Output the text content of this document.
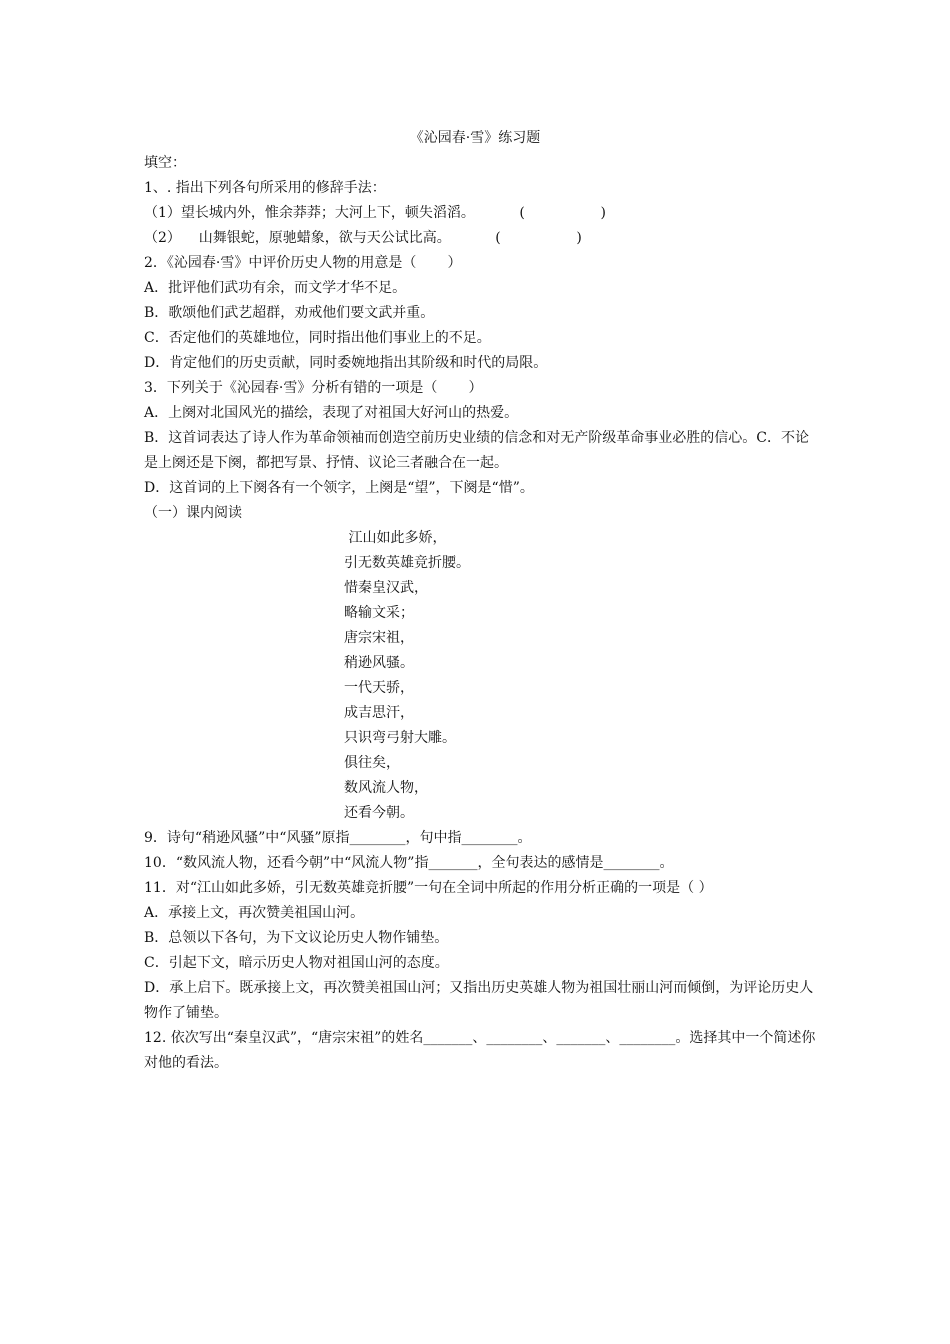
《沁园春·雪》练习题
填空：
1、. 指出下列各句所采用的修辞手法：
（1）望长城内外，惟余莽莽；大河上下，顿失滔滔。          (                 )
（2）    山舞银蛇，原驰蜡象，欲与天公试比高。          (                 )
2．《沁园春·雪》中评价历史人物的用意是（       ）
A．批评他们武功有余，而文学才华不足。
B．歌颂他们武艺超群，劝戒他们要文武并重。
C．否定他们的英雄地位，同时指出他们事业上的不足。
D．肯定他们的历史贡献，同时委婉地指出其阶级和时代的局限。
3．下列关于《沁园春·雪》分析有错的一项是（       ）
A．上阕对北国风光的描绘，表现了对祖国大好河山的热爱。
B．这首词表达了诗人作为革命领袖而创造空前历史业绩的信念和对无产阶级革命事业必胜的信心。C．不论是上阕还是下阕，都把写景、抒情、议论三者融合在一起。
D．这首词的上下阕各有一个领字，上阕是“望”，下阕是“惜”。
（一）课内阅读
江山如此多娇，
引无数英雄竞折腰。
惜秦皇汉武，
略输文采；
唐宗宋祖，
稍逊风骚。
一代天骄，
成吉思汗，
只识弯弓射大雕。
俱往矣，
数风流人物，
还看今朝。
9．诗句“稍逊风骚”中“风骚”原指________，句中指________。
10．“数风流人物，还看今朝”中“风流人物”指_______，全句表达的感情是________。
11．对“江山如此多娇，引无数英雄竞折腰”一句在全词中所起的作用分析正确的一项是（ ）
A．承接上文，再次赞美祖国山河。
B．总领以下各句，为下文议论历史人物作铺垫。
C．引起下文，暗示历史人物对祖国山河的态度。
D．承上启下。既承接上文，再次赞美祖国山河；又指出历史英雄人物为祖国壮丽山河而倾倒，为评论历史人物作了铺垫。
12. 依次写出“秦皇汉武”，“唐宗宋祖”的姓名_______、________、_______、________。选择其中一个简述你对他的看法。
